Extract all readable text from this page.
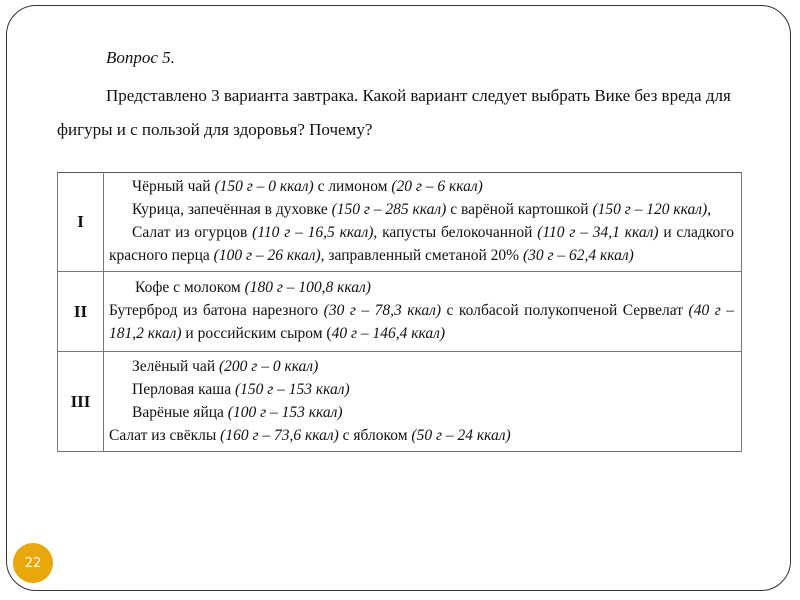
Вопрос 5.

Представлено 3 варианта завтрака. Какой вариант следует выбрать Вике без вреда для фигуры и с пользой для здоровья? Почему?

I	Чёрный чай (150 г – 0 ккал) с лимоном (20 г – 6 ккал)

Курица, запечённая в духовке (150 г – 285 ккал) с варёной картошкой (150 г – 120 ккал),

Салат из огурцов (110 г – 16,5 ккал), капусты белокочанной (110 г – 34,1 ккал) и сладкого красного перца (100 г – 26 ккал), заправленный сметаной 20% (30 г – 62,4 ккал)

II	Кофе с молоком (180 г – 100,8 ккал)

Бутерброд из батона нарезного (30 г – 78,3 ккал) с колбасой полукопченой Сервелат (40 г – 181,2 ккал) и российским сыром (40 г – 146,4 ккал)

III	Зелёный чай (200 г – 0 ккал)

Перловая каша (150 г – 153 ккал)

Варёные яйца (100 г – 153 ккал)

Салат из свёклы (160 г – 73,6 ккал) с яблоком (50 г – 24 ккал)

22
